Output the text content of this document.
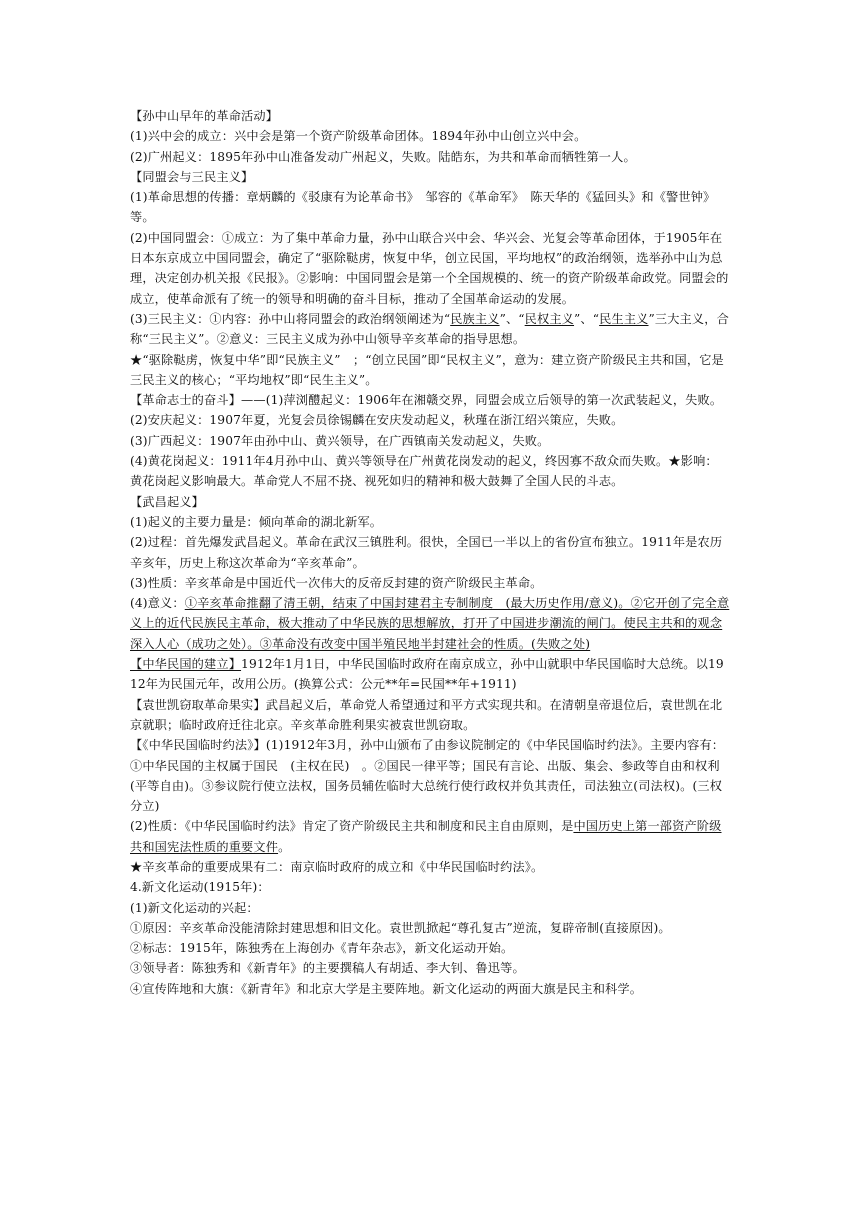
【孙中山早年的革命活动】

(1)兴中会的成立：兴中会是第一个资产阶级革命团体。1894年孙中山创立兴中会。

(2)广州起义：1895年孙中山准备发动广州起义，失败。陆皓东，为共和革命而牺牲第一人。

【同盟会与三民主义】

(1)革命思想的传播：章炳麟的《驳康有为论革命书》　邹容的《革命军》　陈天华的《猛回头》和《警世钟》等。

(2)中国同盟会：①成立：为了集中革命力量，孙中山联合兴中会、华兴会、光复会等革命团体，于1905年在日本东京成立中国同盟会，确定了“驱除鞑虏，恢复中华，创立民国，平均地权”的政治纲领，选举孙中山为总理，决定创办机关报《民报》。②影响：中国同盟会是第一个全国规模的、统一的资产阶级革命政党。同盟会的成立，使革命派有了统一的领导和明确的奋斗目标，推动了全国革命运动的发展。

(3)三民主义：①内容：孙中山将同盟会的政治纲领阐述为“民族主义”、“民权主义”、“民生主义”三大主义，合称“三民主义”。②意义：三民主义成为孙中山领导辛亥革命的指导思想。

★“驱除鞑虏，恢复中华”即“民族主义”　；“创立民国”即“民权主义”，意为：建立资产阶级民主共和国，它是三民主义的核心；“平均地权”即“民生主义”。

【革命志士的奋斗】——(1)萍浏醴起义：1906年在湘赣交界，同盟会成立后领导的第一次武装起义，失败。

(2)安庆起义：1907年夏，光复会员徐锡麟在安庆发动起义，秋瑾在浙江绍兴策应，失败。

(3)广西起义：1907年由孙中山、黄兴领导，在广西镇南关发动起义，失败。

(4)黄花岗起义：1911年4月孙中山、黄兴等领导在广州黄花岗发动的起义，终因寡不敌众而失败。★影响：黄花岗起义影响最大。革命党人不屈不挠、视死如归的精神和极大鼓舞了全国人民的斗志。

【武昌起义】

(1)起义的主要力量是：倾向革命的湖北新军。

(2)过程：首先爆发武昌起义。革命在武汉三镇胜利。很快，全国已一半以上的省份宣布独立。1911年是农历辛亥年，历史上称这次革命为“辛亥革命”。

(3)性质：辛亥革命是中国近代一次伟大的反帝反封建的资产阶级民主革命。

(4)意义：①辛亥革命推翻了清王朝，结束了中国封建君主专制制度　(最大历史作用/意义)。②它开创了完全意义上的近代民族民主革命，极大推动了中华民族的思想解放，打开了中国进步潮流的闸门。使民主共和的观念深入人心（成功之处）。③革命没有改变中国半殖民地半封建社会的性质。(失败之处)

【中华民国的建立】1912年1月1日，中华民国临时政府在南京成立，孙中山就职中华民国临时大总统。以1912年为民国元年，改用公历。(换算公式：公元**年=民国**年+1911)

【袁世凯窃取革命果实】武昌起义后，革命党人希望通过和平方式实现共和。在清朝皇帝退位后，袁世凯在北京就职；临时政府迁往北京。辛亥革命胜利果实被袁世凯窃取。

【《中华民国临时约法》】(1)1912年3月，孙中山颁布了由参议院制定的《中华民国临时约法》。主要内容有：①中华民国的主权属于国民　(主权在民)　。②国民一律平等；国民有言论、出版、集会、参政等自由和权利(平等自由)。③参议院行使立法权，国务员辅佐临时大总统行使行政权并负其责任，司法独立(司法权)。(三权分立)

(2)性质：《中华民国临时约法》肯定了资产阶级民主共和制度和民主自由原则，是中国历史上第一部资产阶级共和国宪法性质的重要文件。

★辛亥革命的重要成果有二：南京临时政府的成立和《中华民国临时约法》。

4.新文化运动(1915年)：

(1)新文化运动的兴起：

①原因：辛亥革命没能清除封建思想和旧文化。袁世凯掀起“尊孔复古”逆流，复辟帝制(直接原因)。

②标志：1915年，陈独秀在上海创办《青年杂志》，新文化运动开始。

③领导者：陈独秀和《新青年》的主要撰稿人有胡适、李大钊、鲁迅等。

④宣传阵地和大旗：《新青年》和北京大学是主要阵地。新文化运动的两面大旗是民主和科学。
